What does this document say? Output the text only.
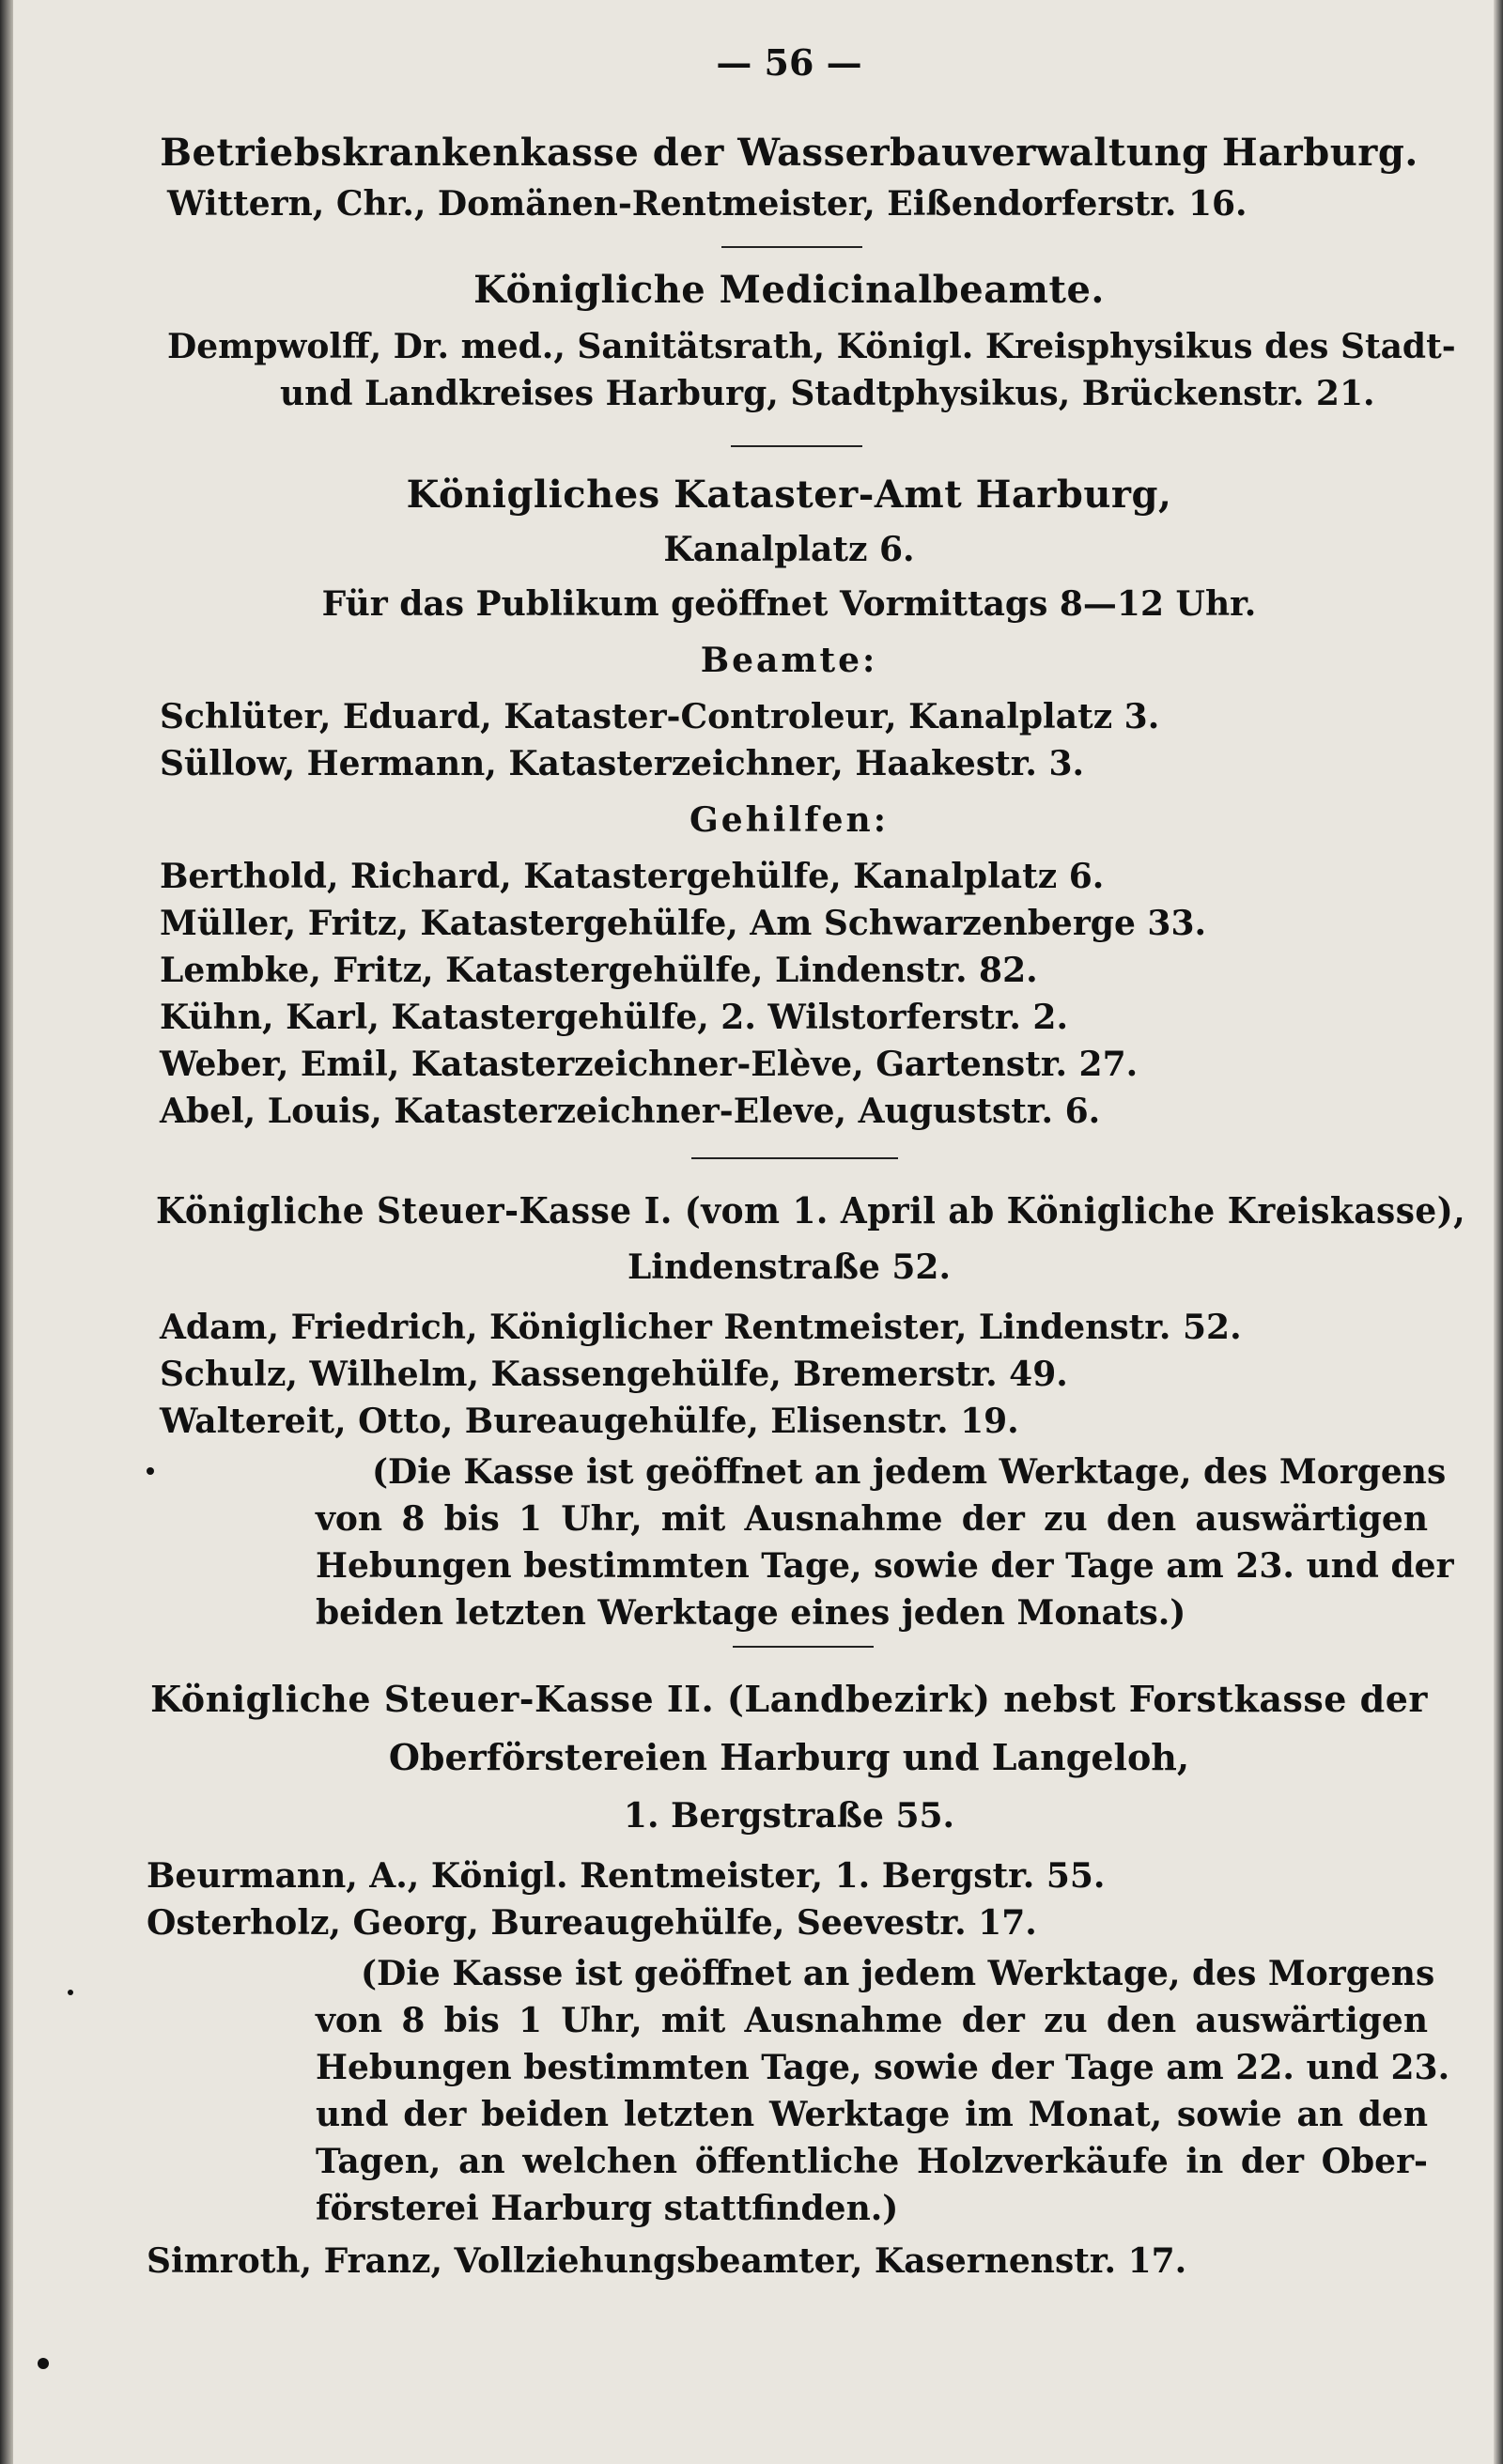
— 56 —
Betriebskrankenkasse der Wasserbauverwaltung Harburg.
Wittern, Chr., Domänen-Rentmeister, Eißendorferstr. 16.
Königliche Medicinalbeamte.
Dempwolff, Dr. med., Sanitätsrath, Königl. Kreisphysikus des Stadt-
und Landkreises Harburg, Stadtphysikus, Brückenstr. 21.
Königliches Kataster-Amt Harburg,
Kanalplatz 6.
Für das Publikum geöffnet Vormittags 8—12 Uhr.
Beamte:
Schlüter, Eduard, Kataster-Controleur, Kanalplatz 3.
Süllow, Hermann, Katasterzeichner, Haakestr. 3.
Gehilfen:
Berthold, Richard, Katastergehülfe, Kanalplatz 6.
Müller, Fritz, Katastergehülfe, Am Schwarzenberge 33.
Lembke, Fritz, Katastergehülfe, Lindenstr. 82.
Kühn, Karl, Katastergehülfe, 2. Wilstorferstr. 2.
Weber, Emil, Katasterzeichner-Elève, Gartenstr. 27.
Abel, Louis, Katasterzeichner-Eleve, Auguststr. 6.
Königliche Steuer-Kasse I. (vom 1. April ab Königliche Kreiskasse),
Lindenstraße 52.
Adam, Friedrich, Königlicher Rentmeister, Lindenstr. 52.
Schulz, Wilhelm, Kassengehülfe, Bremerstr. 49.
Waltereit, Otto, Bureaugehülfe, Elisenstr. 19.
(Die Kasse ist geöffnet an jedem Werktage, des Morgens
von 8 bis 1 Uhr, mit Ausnahme der zu den auswärtigen
Hebungen bestimmten Tage, sowie der Tage am 23. und der
beiden letzten Werktage eines jeden Monats.)
Königliche Steuer-Kasse II. (Landbezirk) nebst Forstkasse der
Oberförstereien Harburg und Langeloh,
1. Bergstraße 55.
Beurmann, A., Königl. Rentmeister, 1. Bergstr. 55.
Osterholz, Georg, Bureaugehülfe, Seevestr. 17.
(Die Kasse ist geöffnet an jedem Werktage, des Morgens
von 8 bis 1 Uhr, mit Ausnahme der zu den auswärtigen
Hebungen bestimmten Tage, sowie der Tage am 22. und 23.
und der beiden letzten Werktage im Monat, sowie an den
Tagen, an welchen öffentliche Holzverkäufe in der Ober-
försterei Harburg stattfinden.)
Simroth, Franz, Vollziehungsbeamter, Kasernenstr. 17.
